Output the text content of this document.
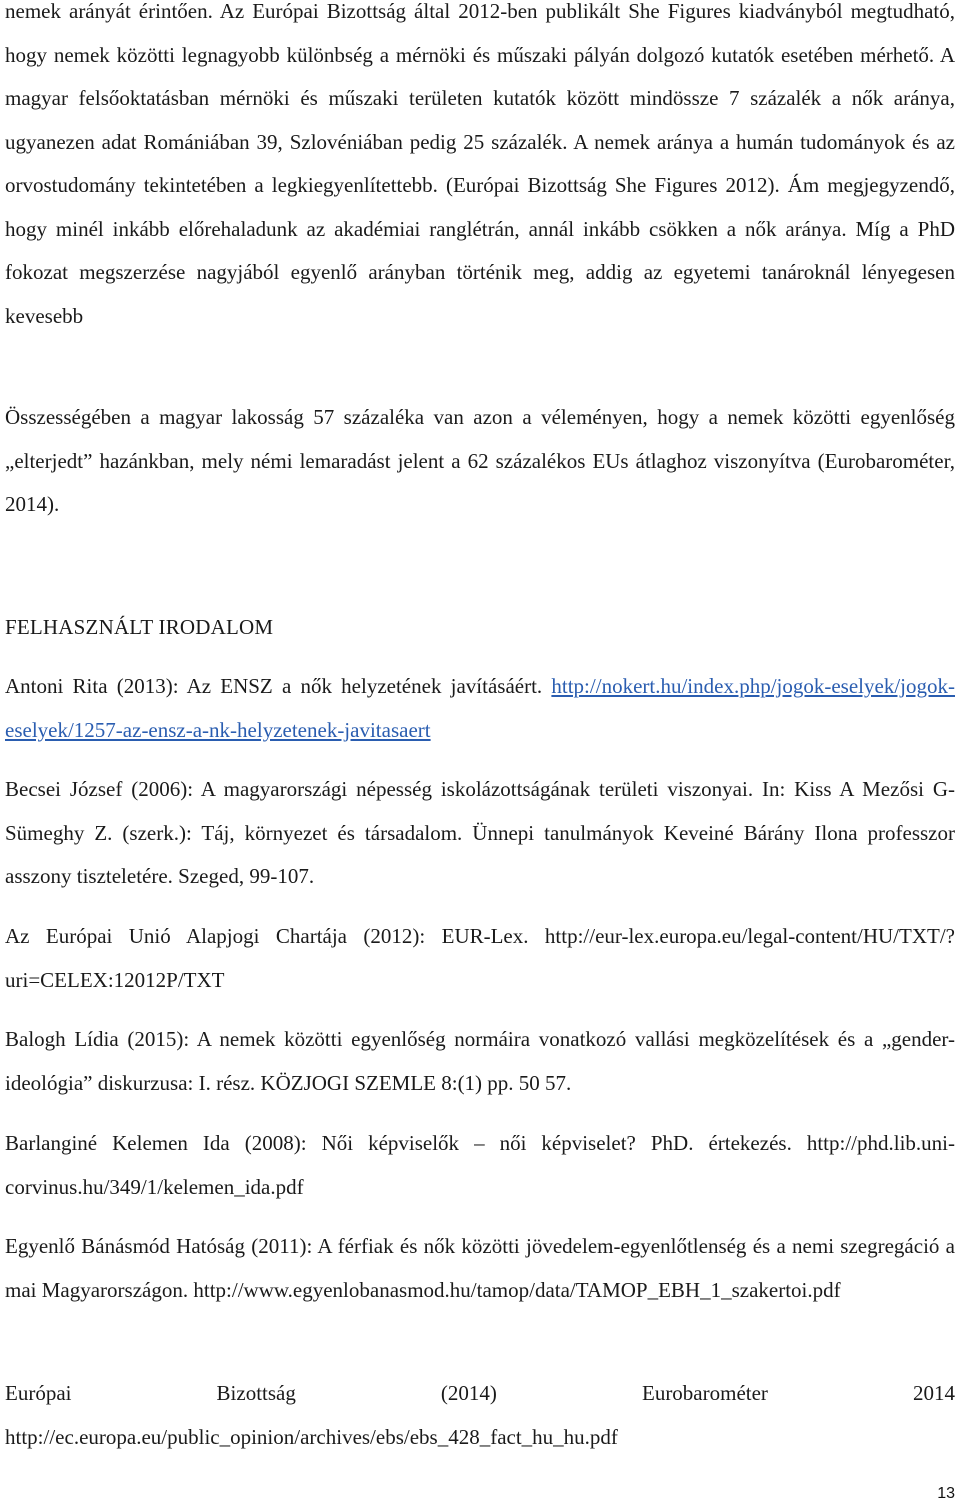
nemek arányát érintően. Az Európai Bizottság által 2012-ben publikált She Figures kiadványból megtudható, hogy nemek közötti legnagyobb különbség a mérnöki és műszaki pályán dolgozó kutatók esetében mérhető. A magyar felsőoktatásban mérnöki és műszaki területen kutatók között mindössze 7 százalék a nők aránya, ugyanezen adat Romániában 39, Szlovéniában pedig 25 százalék. A nemek aránya a humán tudományok és az orvostudomány tekintetében a legkiegyenlítettebb. (Európai Bizottság She Figures 2012). Ám megjegyzendő, hogy minél inkább előrehaladunk az akadémiai ranglétrán, annál inkább csökken a nők aránya. Míg a PhD fokozat megszerzése nagyjából egyenlő arányban történik meg, addig az egyetemi tanároknál lényegesen kevesebb

Összességében a magyar lakosság 57 százaléka van azon a véleményen, hogy a nemek közötti egyenlőség „elterjedt” hazánkban, mely némi lemaradást jelent a 62 százalékos EUs átlaghoz viszonyítva (Eurobarométer, 2014).

FELHASZNÁLT IRODALOM

Antoni Rita (2013): Az ENSZ a nők helyzetének javításáért. http://nokert.hu/index.php/jogok-eselyek/jogok-eselyek/1257-az-ensz-a-nk-helyzetenek-javitasaert

Becsei József (2006): A magyarországi népesség iskolázottságának területi viszonyai. In: Kiss A Mezősi G-Sümeghy Z. (szerk.): Táj, környezet és társadalom. Ünnepi tanulmányok Keveiné Bárány Ilona professzor asszony tiszteletére. Szeged, 99-107.

Az Európai Unió Alapjogi Chartája (2012): EUR-Lex. http://eur-lex.europa.eu/legal-content/HU/TXT/?uri=CELEX:12012P/TXT

Balogh Lídia (2015): A nemek közötti egyenlőség normáira vonatkozó vallási megközelítések és a „gender-ideológia” diskurzusa: I. rész. KÖZJOGI SZEMLE 8:(1) pp. 50 57.

Barlanginé Kelemen Ida (2008): Női képviselők – női képviselet? PhD. értekezés. http://phd.lib.uni-corvinus.hu/349/1/kelemen_ida.pdf

Egyenlő Bánásmód Hatóság (2011): A férfiak és nők közötti jövedelem-egyenlőtlenség és a nemi szegregáció a mai Magyarországon. http://www.egyenlobanasmod.hu/tamop/data/TAMOP_EBH_1_szakertoi.pdf

Európai Bizottság (2014) Eurobarométer 2014 http://ec.europa.eu/public_opinion/archives/ebs/ebs_428_fact_hu_hu.pdf

13
